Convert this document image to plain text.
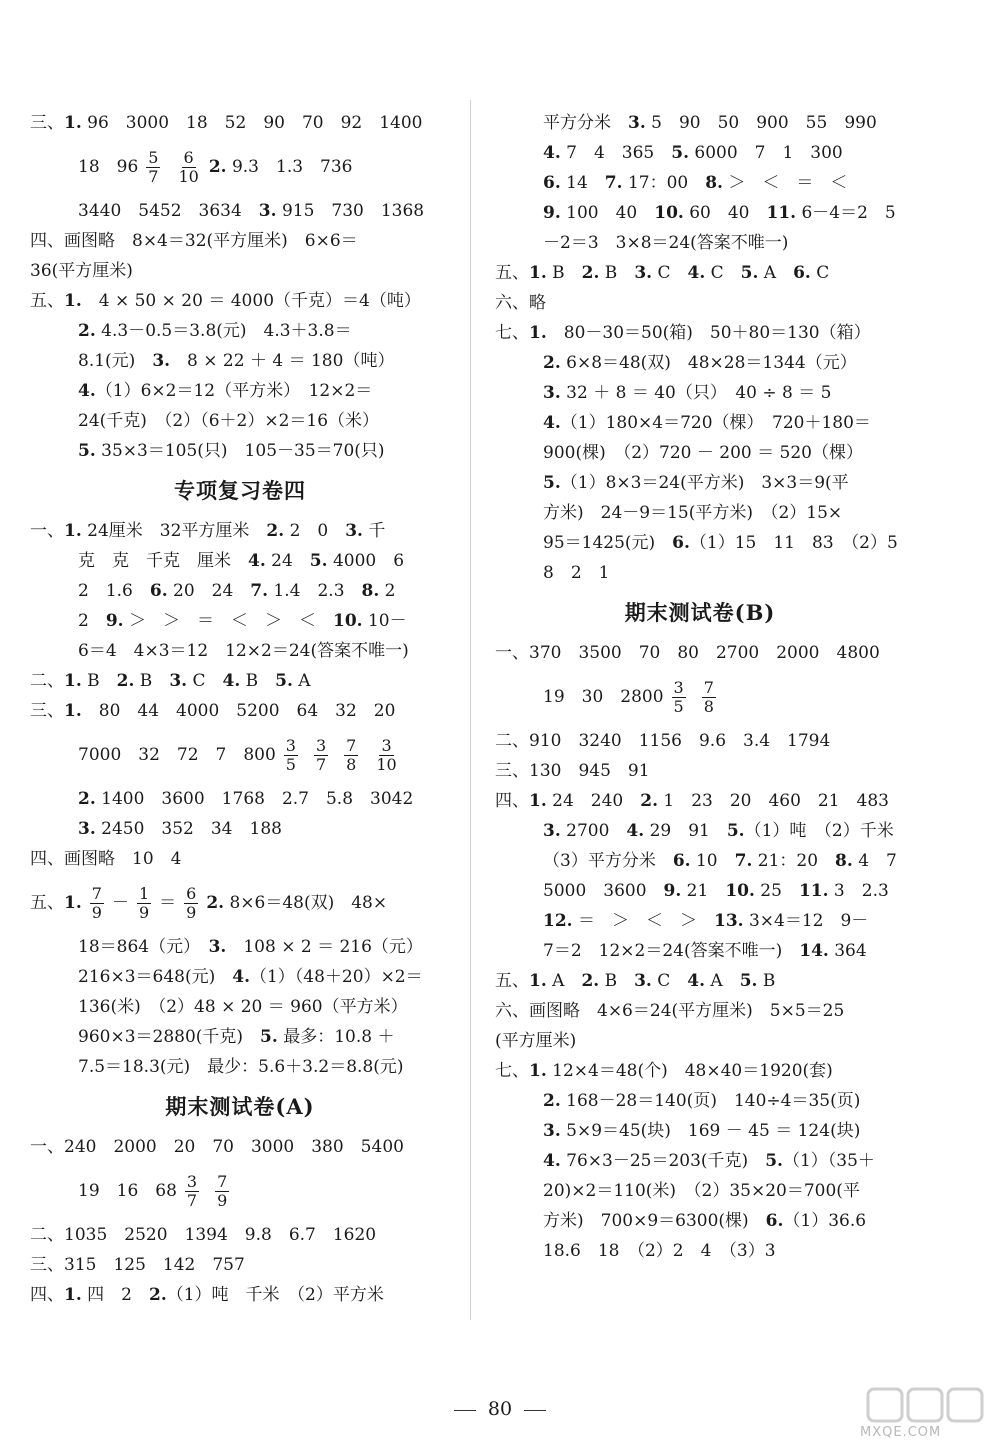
三、1. 96　3000　18　52　90　70　92　1400
18　$96 \frac{5}{7} \frac{6}{10} 2$. 9.3　1.3　736
3440　5452　3634　3. 915　730　1368
四、画图略　8×4＝32(平方厘米)　6×6＝
36(平方厘米)
五、1.　4 × 50 × 20 ＝ 4000（千克）＝4（吨）
2. 4.3－0.5＝3.8(元)　4.3＋3.8＝
8.1(元)　3.　8 × 22 ＋ 4 ＝ 180（吨）
4.（1）6×2＝12（平方米）　12×2＝
24(千克)　（2）（6＋2）×2＝16（米）
5. 35×3＝105(只)　105－35＝70(只)
专项复习卷四
一、1. 24厘米　32平方厘米　2. 2　0　3. 千
克　克　千克　厘米　4. 24　5. 4000　6
2　1.6　6. 20　24　7. 1.4　2.3　8. 2
2　9. ＞　＞　＝　＜　＞　＜　10. 10－
6＝4　4×3＝12　12×2＝24(答案不唯一)
二、1. B　2. B　3. C　4. B　5. A
三、1.　80　44　4000　5200　64　32　20
7000　32　72　7　$800 \frac{3}{5} \frac{3}{7} \frac{7}{8} \frac{3}{10}$
2. 1400　3600　1768　2.7　5.8　3042
3. 2450　352　34　188
四、画图略　10　4
五、1. $\frac{7}{9} - \frac{1}{9} = \frac{6}{9} 2$. 8×6＝48(双)　48×
18＝864（元）　3.　108 × 2 ＝ 216（元）
216×3＝648(元)　4.（1）（48＋20）×2＝
136(米)　（2）48 × 20 ＝ 960（平方米）
960×3＝2880(千克)　5. 最多：10.8 ＋
7.5＝18.3(元)　最少：5.6＋3.2＝8.8(元)
期末测试卷(A)
一、240　2000　20　70　3000　380　5400
19　16　$68 \frac{3}{7} \frac{7}{9}$
二、1035　2520　1394　9.8　6.7　1620
三、315　125　142　757
四、1. 四　2　2.（1）吨　千米　（2）平方米
平方分米　3. 5　90　50　900　55　990
4. 7　4　365　5. 6000　7　1　300
6. 14　7. 17：00　8. ＞　＜　＝　＜
9. 100　40　10. 60　40　11. 6－4＝2　5
－2＝3　3×8＝24(答案不唯一)
五、1. B　2. B　3. C　4. C　5. A　6. C
六、略
七、1.　80－30＝50(箱)　50＋80＝130（箱）
2. 6×8＝48(双)　48×28＝1344（元）
3. 32 ＋ 8 ＝ 40（只）　40 ÷ 8 ＝ 5
4.（1）180×4＝720（棵）　720＋180＝
900(棵)　（2）720 － 200 ＝ 520（棵）
5.（1）8×3＝24(平方米)　3×3＝9(平
方米)　24－9＝15(平方米)　（2）15×
95＝1425(元)　6.（1）15　11　83　（2）5
8　2　1
期末测试卷(B)
一、370　3500　70　80　2700　2000　4800
19　30　$2800 \frac{3}{5} \frac{7}{8}$
二、910　3240　1156　9.6　3.4　1794
三、130　945　91
四、1. 24　240　2. 1　23　20　460　21　483
3. 2700　4. 29　91　5.（1）吨　（2）千米
（3）平方分米　6. 10　7. 21：20　8. 4　7
5000　3600　9. 21　10. 25　11. 3　2.3
12. ＝　＞　＜　＞　13. 3×4＝12　9－
7＝2　12×2＝24(答案不唯一)　14. 364
五、1. A　2. B　3. C　4. A　5. B
六、画图略　4×6＝24(平方厘米)　5×5＝25
(平方厘米)
七、1. 12×4＝48(个)　48×40＝1920(套)
2. 168－28＝140(页)　140÷4＝35(页)
3. 5×9＝45(块)　169 － 45 ＝ 124(块)
4. 76×3－25＝203(千克)　5.（1）（35＋
20)×2＝110(米)　（2）35×20＝700(平
方米)　700×9＝6300(棵)　6.（1）36.6
18.6　18　（2）2　4　（3）3
80
MXQE.COM
